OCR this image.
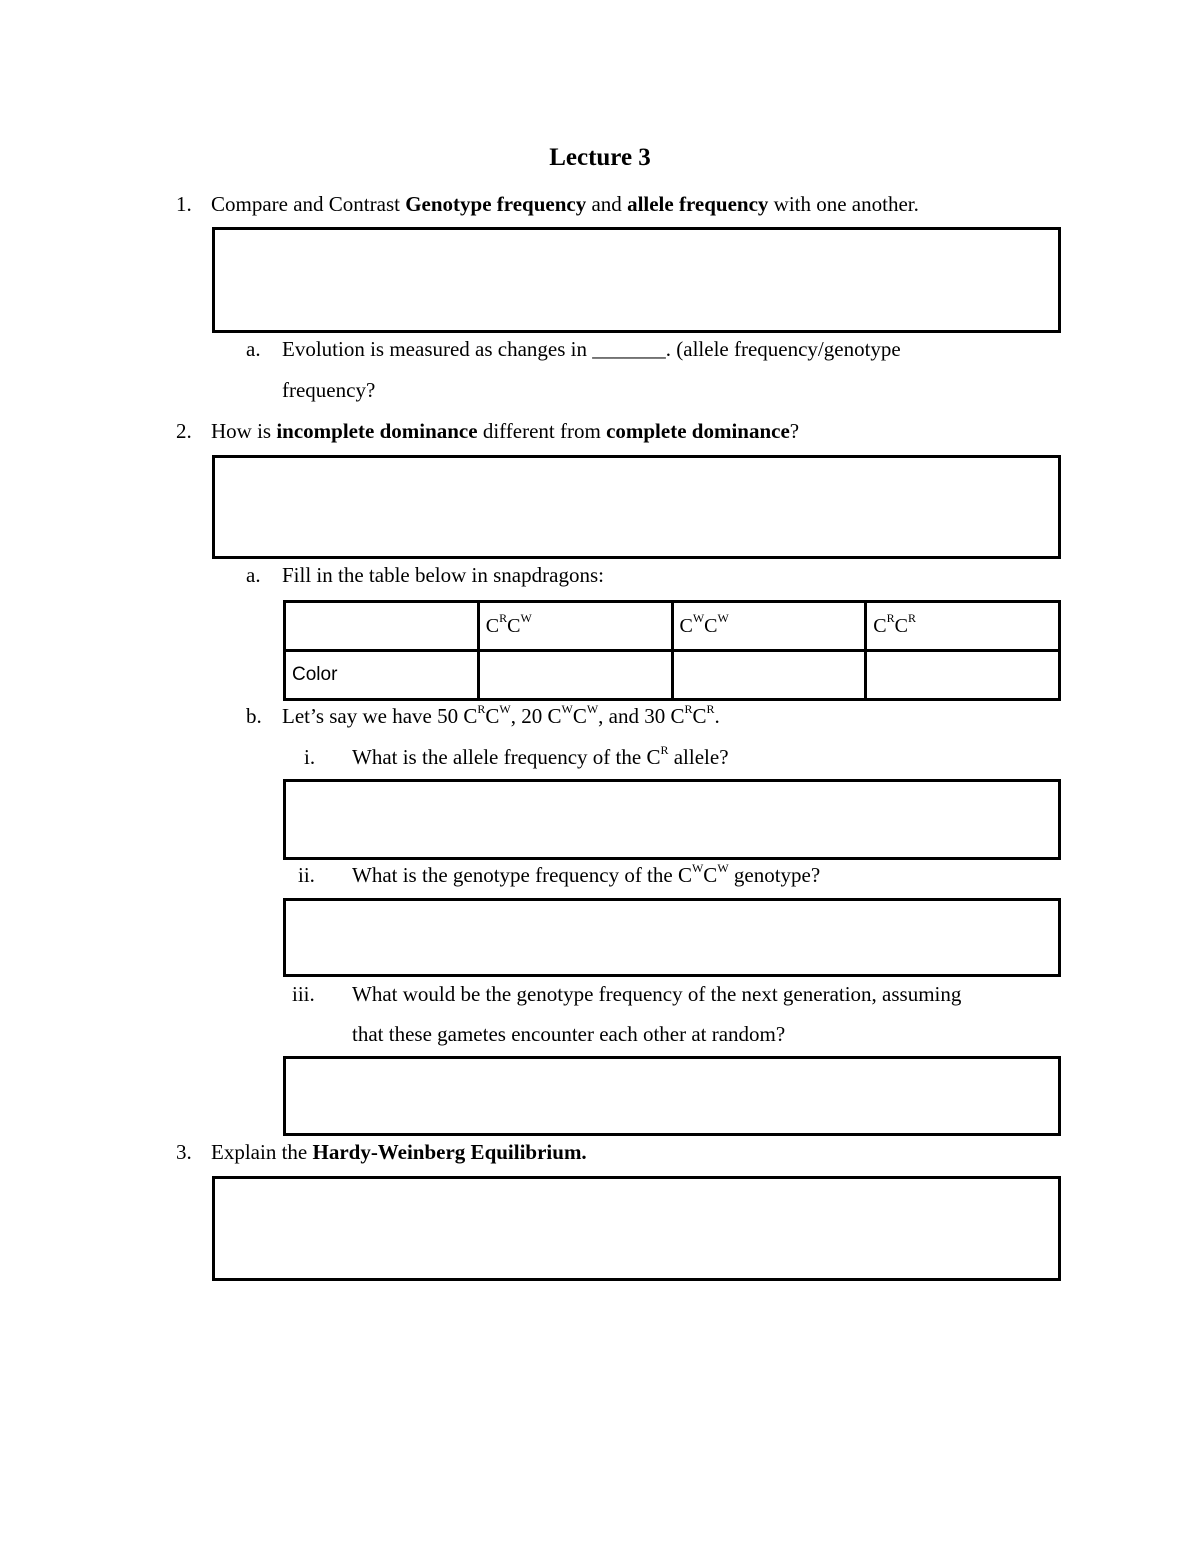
Lecture 3
1. Compare and Contrast Genotype frequency and allele frequency with one another.
a. Evolution is measured as changes in _______. (allele frequency/genotype
frequency?
2. How is incomplete dominance different from complete dominance?
a. Fill in the table below in snapdragons:
	$C^RC^W$	$C^WC^W$	$C^RC^R$
Color			
b. Let’s say we have 50 $C^RC^W$, 20 $C^WC^W$, and 30 $C^RC^R$.
i. What is the allele frequency of the $C^R$ allele?
ii. What is the genotype frequency of the $C^WC^W$ genotype?
iii. What would be the genotype frequency of the next generation, assuming
that these gametes encounter each other at random?
3. Explain the Hardy-Weinberg Equilibrium.
